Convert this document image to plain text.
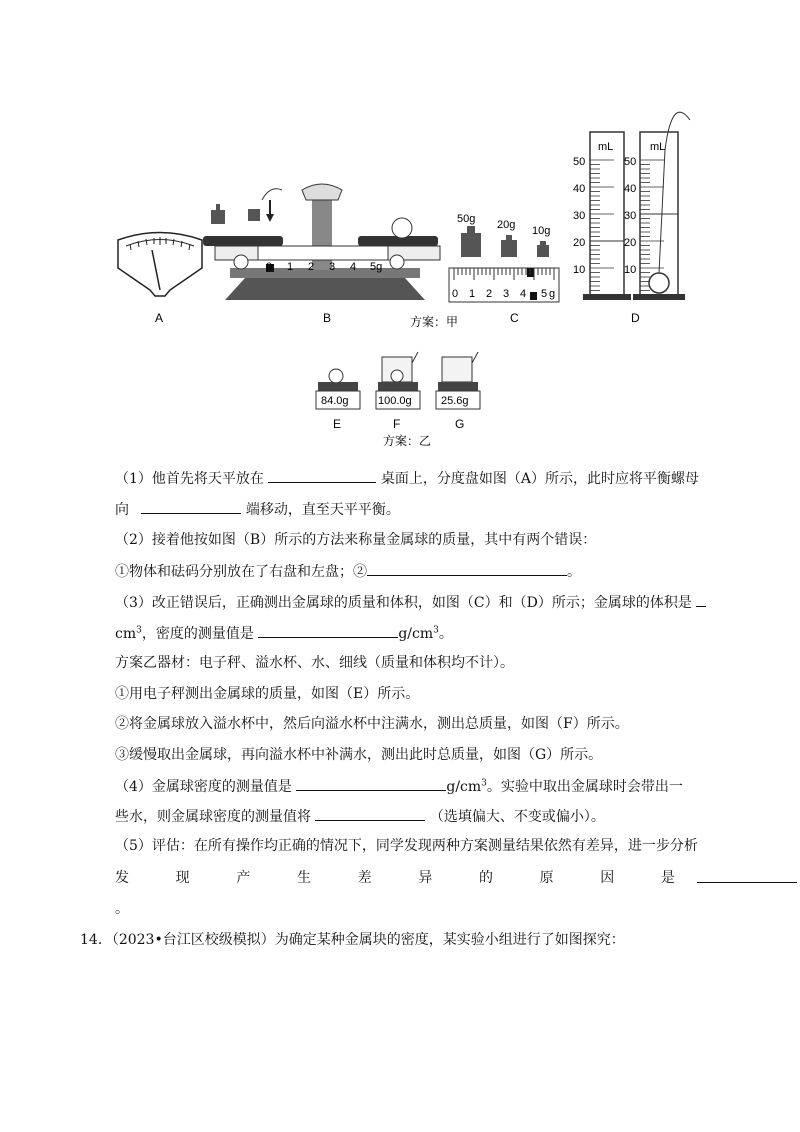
A
0 1 2 3 4 5g
B
50g 20g 10g
0 1 2 3 4 5 g
C
mL	mL
50
40
30
20
10
50
40
30
20
10
D
方案：甲
84.0g
E
100.0g
F
25.6g
G
方案：乙
（1）他首先将天平放在	桌面上，分度盘如图（A）所示，此时应将平衡螺母
向	端移动，直至天平平衡。
（2）接着他按如图（B）所示的方法来称量金属球的质量，其中有两个错误：
①物体和砝码分别放在了右盘和左盘；②	。
（3）改正错误后，正确测出金属球的质量和体积，如图（C）和（D）所示；金属球的体积是
$cm^3$，密度的测量值是	$g/cm^3$。
方案乙器材：电子秤、溢水杯、水、细线（质量和体积均不计）。
①用电子秤测出金属球的质量，如图（E）所示。
②将金属球放入溢水杯中，然后向溢水杯中注满水，测出总质量，如图（F）所示。
③缓慢取出金属球，再向溢水杯中补满水，测出此时总质量，如图（G）所示。
（4）金属球密度的测量值是	$g/cm^3$。实验中取出金属球时会带出一
些水，则金属球密度的测量值将	（选填偏大、不变或偏小）。
（5）评估：在所有操作均正确的情况下，同学发现两种方案测量结果依然有差异，进一步分析
发	现	产	生	差	异	的	原	因	是
。
14．（2023•台江区校级模拟）为确定某种金属块的密度，某实验小组进行了如图探究：
